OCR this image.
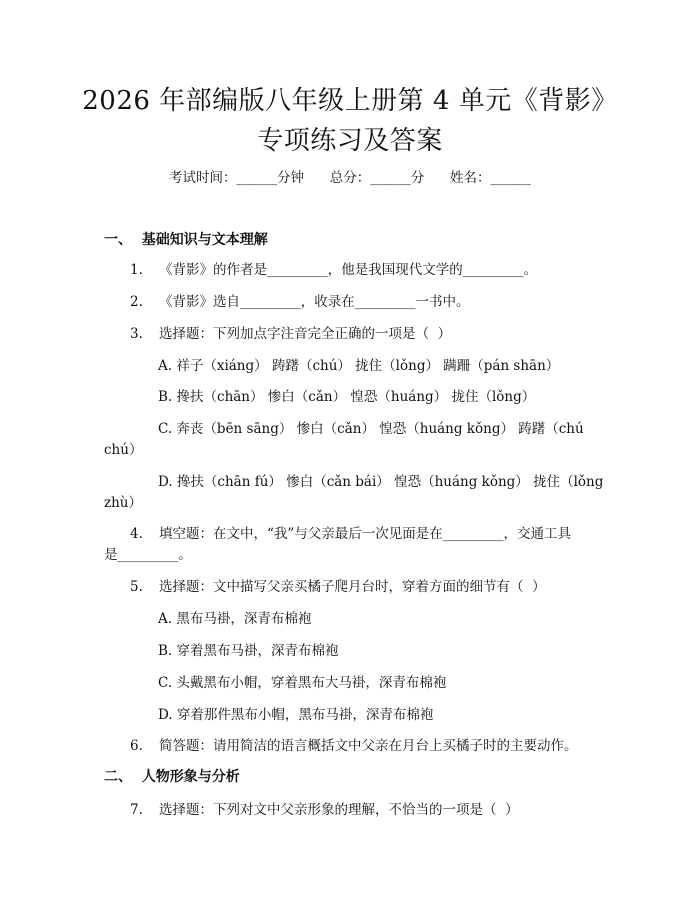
2026 年部编版八年级上册第 4 单元《背影》
专项练习及答案
考试时间：______分钟 总分：______分 姓名：______
一、  基础知识与文本理解

1.

《背影》的作者是_________，他是我国现代文学的_________。

2.

《背影》选自_________，收录在_________一书中。

3.

选择题：下列加点字注音完全正确的一项是（  ）

A. 祥子（xiáng） 踌躇（chú） 拢住（lǒng） 蹒跚（pán shān）
B. 搀扶（chān） 惨白（cǎn） 惶恐（huáng） 拢住（lǒng）
C. 奔丧（bēn sāng） 惨白（cǎn） 惶恐（huáng kǒng） 踌躇（chú
chú）
D. 搀扶（chān fú） 惨白（cǎn bái） 惶恐（huáng kǒng） 拢住（lǒng
zhù）

4.

填空题：在文中，“我”与父亲最后一次见面是在_________，交通工具

是_________。

5.

选择题：文中描写父亲买橘子爬月台时，穿着方面的细节有（  ）

A. 黑布马褂，深青布棉袍
B. 穿着黑布马褂，深青布棉袍
C. 头戴黑布小帽，穿着黑布大马褂，深青布棉袍
D. 穿着那件黑布小帽，黑布马褂，深青布棉袍

6.

简答题：请用简洁的语言概括文中父亲在月台上买橘子时的主要动作。

二、  人物形象与分析

7.

选择题：下列对文中父亲形象的理解，不恰当的一项是（  ）
